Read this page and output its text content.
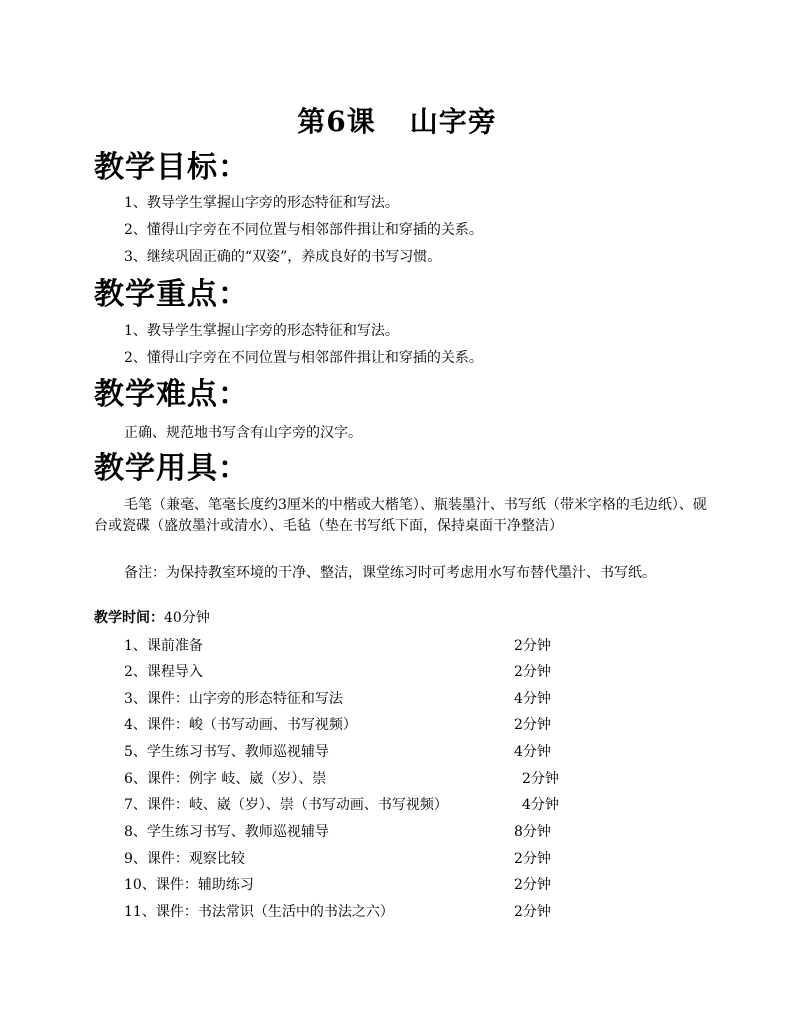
第6课 山字旁
教学目标：
1、教导学生掌握山字旁的形态特征和写法。
2、懂得山字旁在不同位置与相邻部件揖让和穿插的关系。
3、继续巩固正确的“双姿”，养成良好的书写习惯。
教学重点：
1、教导学生掌握山字旁的形态特征和写法。
2、懂得山字旁在不同位置与相邻部件揖让和穿插的关系。
教学难点：
正确、规范地书写含有山字旁的汉字。
教学用具：
毛笔（兼毫、笔毫长度约3厘米的中楷或大楷笔）、瓶装墨汁、书写纸（带米字格的毛边纸）、砚台或瓷碟（盛放墨汁或清水）、毛毡（垫在书写纸下面，保持桌面干净整洁）
备注：为保持教室环境的干净、整洁，课堂练习时可考虑用水写布替代墨汁、书写纸。
教学时间：40分钟
1、课前准备	2分钟
2、课程导入	2分钟
3、课件：山字旁的形态特征和写法	4分钟
4、课件：峻（书写动画、书写视频）	2分钟
5、学生练习书写、教师巡视辅导	4分钟
6、课件：例字 岐、崴（岁）、崇	2分钟
7、课件：岐、崴（岁）、崇（书写动画、书写视频）	4分钟
8、学生练习书写、教师巡视辅导	8分钟
9、课件：观察比较	2分钟
10、课件：辅助练习	2分钟
11、课件：书法常识（生活中的书法之六）	2分钟
